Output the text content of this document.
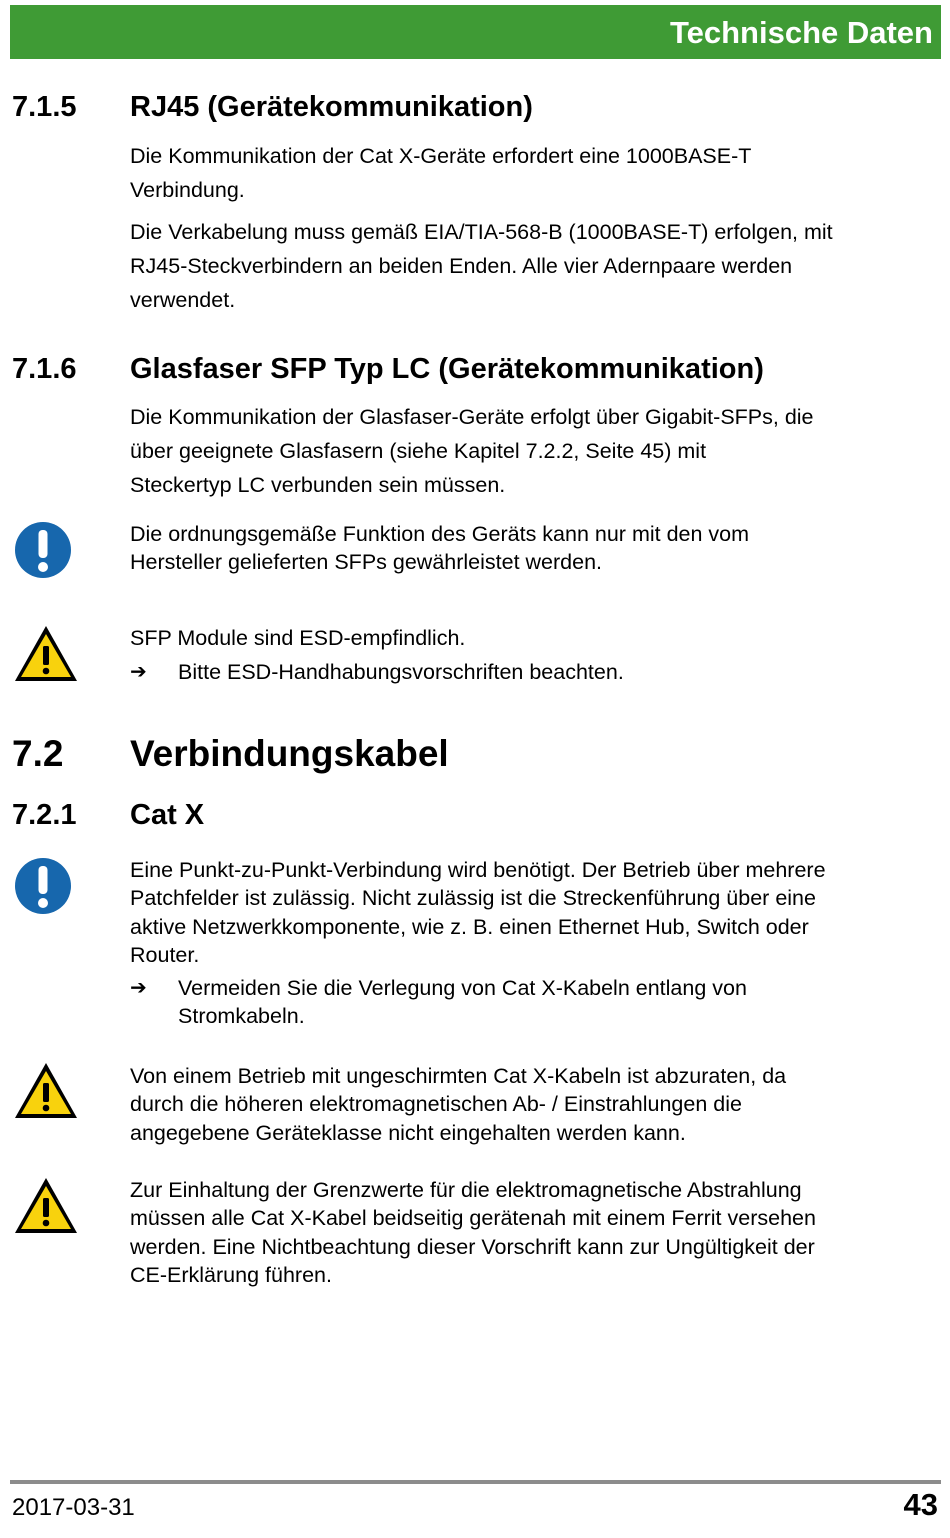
Technische Daten
7.1.5 RJ45 (Gerätekommunikation)
Die Kommunikation der Cat X-Geräte erfordert eine 1000BASE-T
Verbindung.
Die Verkabelung muss gemäß EIA/TIA-568-B (1000BASE-T) erfolgen, mit
RJ45-Steckverbindern an beiden Enden. Alle vier Adernpaare werden
verwendet.
7.1.6 Glasfaser SFP Typ LC (Gerätekommunikation)
Die Kommunikation der Glasfaser-Geräte erfolgt über Gigabit-SFPs, die
über geeignete Glasfasern (siehe Kapitel 7.2.2, Seite 45) mit
Steckertyp LC verbunden sein müssen.
Die ordnungsgemäße Funktion des Geräts kann nur mit den vom
Hersteller gelieferten SFPs gewährleistet werden.
SFP Module sind ESD-empfindlich.
➔	Bitte ESD-Handhabungsvorschriften beachten.
7.2 Verbindungskabel
7.2.1 Cat X
Eine Punkt-zu-Punkt-Verbindung wird benötigt. Der Betrieb über mehrere
Patchfelder ist zulässig. Nicht zulässig ist die Streckenführung über eine
aktive Netzwerkkomponente, wie z. B. einen Ethernet Hub, Switch oder
Router.
➔	Vermeiden Sie die Verlegung von Cat X-Kabeln entlang von
Stromkabeln.
Von einem Betrieb mit ungeschirmten Cat X-Kabeln ist abzuraten, da
durch die höheren elektromagnetischen Ab- / Einstrahlungen die
angegebene Geräteklasse nicht eingehalten werden kann.
Zur Einhaltung der Grenzwerte für die elektromagnetische Abstrahlung
müssen alle Cat X-Kabel beidseitig gerätenah mit einem Ferrit versehen
werden. Eine Nichtbeachtung dieser Vorschrift kann zur Ungültigkeit der
CE-Erklärung führen.
2017-03-31	43
